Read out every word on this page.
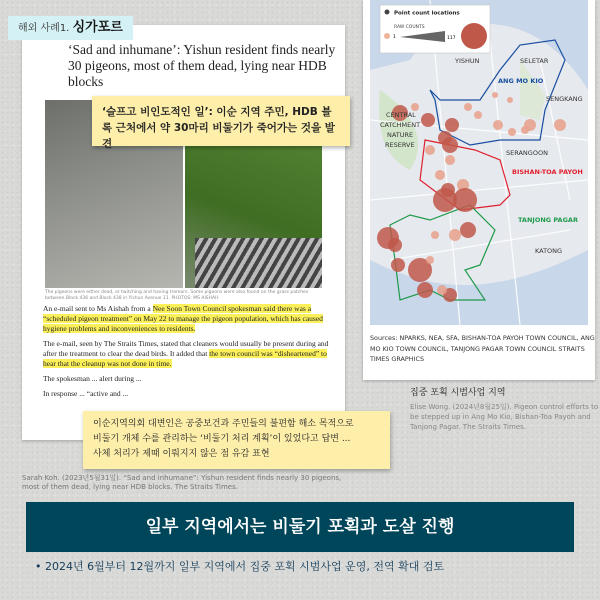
해외 사례1. 싱가포르
‘Sad and inhumane’: Yishun resident finds nearly 30 pigeons, most of them dead, lying near HDB blocks
The pigeons were either dead, or twitching and having tremors. Some pigeons were also found on the grass patches between Block 436 and Block 438 in Yishun Avenue 11. PHOTOS: MS AISHAH

An e-mail sent to Ms Aishah from a Nee Soon Town Council spokesman said there was a “scheduled pigeon treatment” on May 22 to manage the pigeon population, which has caused hygiene problems and inconveniences to residents.

The e-mail, seen by The Straits Times, stated that cleaners would usually be present during and after the treatment to clear the dead birds. It added that the town council was “disheartened” to hear that the cleanup was not done in time.

The spokesman ... alert during ...

In response ... “active and ...

‘슬프고 비인도적인 일’: 이순 지역 주민, HDB 블록 근처에서 약 30마리 비둘기가 죽어가는 것을 발견
이순지역의회 대변인은 공중보건과 주민들의 불편함 해소 목적으로
비둘기 개체 수를 관리하는 ‘비둘기 처리 계획’이 있었다고 답변 ...
사체 처리가 제때 이뤄지지 않은 점 유감 표현
Sarah Koh. (2023년5월31일). “Sad and inhumane”: Yishun resident finds nearly 30 pigeons, most of them dead, lying near HDB blocks. The Straits Times.
Point count locations
RAW COUNTS
1	117
YISHUN	SELETAR
ANG MO KIO
SENGKANG
CENTRAL
CATCHMENT
NATURE
RESERVE
SERANGOON
BISHAN-TOA PAYOH
TANJONG PAGAR
KATONG
Sources: NPARKS, NEA, SFA, BISHAN-TOA PAYOH TOWN COUNCIL, ANG MO KIO TOWN COUNCIL, TANJONG PAGAR TOWN COUNCIL STRAITS TIMES GRAPHICS
집중 포획 시범사업 지역

Elise Wong. (2024년8월25일). Pigeon control efforts to be stepped up in Ang Mo Kio, Bishan-Toa Payoh and Tanjong Pagar. The Straits Times.

일부 지역에서는 비둘기 포획과 도살 진행
• 2024년 6월부터 12월까지 일부 지역에서 집중 포획 시범사업 운영, 전역 확대 검토
